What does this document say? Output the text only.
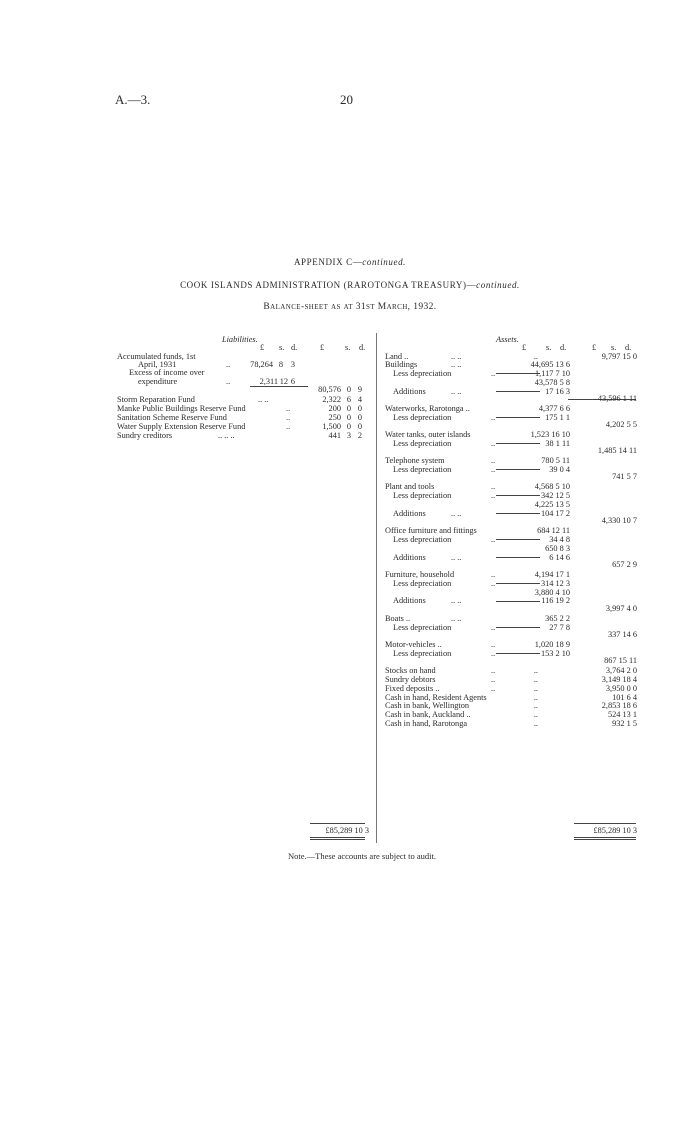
A.—3.	20
APPENDIX C—continued.
COOK ISLANDS ADMINISTRATION (RAROTONGA TREASURY)—continued.
Balance-sheet as at 31st March, 1932.
Liabilities.
£ s. d.	£	s. d.
Accumulated funds, 1st
April, 1931	.. 78,264 8 3
Excess of income over
expenditure	..	2,311 12 6
80,576 0 9
Storm Reparation Fund	.. ..	2,322 6 4
Manke Public Buildings Reserve Fund	..	200 0 0
Sanitation Scheme Reserve Fund	..	250 0 0
Water Supply Extension Reserve Fund	..	1,500 0 0
Sundry creditors	.. .. ..	441 3 2
£85,289 10 3
Assets.
£ s. d.	£ s. d.
Land ..	.. ..	..	9,797 15 0
Buildings	.. ..	44,695 13 6
Less depreciation	..	1,117 7 10
43,578 5 8
Additions	.. ..	17 16 3
43,596 1 11
Waterworks, Rarotonga ..	4,377 6 6
Less depreciation	..	175 1 1
4,202 5 5
Water tanks, outer islands	1,523 16 10
Less depreciation	..	38 1 11
1,485 14 11
Telephone system	..	780 5 11
Less depreciation	..	39 0 4
741 5 7
Plant and tools	..	4,568 5 10
Less depreciation	..	342 12 5
4,225 13 5
Additions	.. ..	104 17 2
4,330 10 7
Office furniture and fittings	684 12 11
Less depreciation	..	34 4 8
650 8 3
Additions	.. ..	6 14 6
657 2 9
Furniture, household	..	4,194 17 1
Less depreciation	..	314 12 3
3,880 4 10
Additions	.. ..	116 19 2
3,997 4 0
Boats ..	.. ..	365 2 2
Less depreciation	..	27 7 8
337 14 6
Motor-vehicles ..	..	1,020 18 9
Less depreciation	..	153 2 10
867 15 11
Stocks on hand	..	..	3,764 2 0
Sundry debtors	..	..	3,149 18 4
Fixed deposits ..	..	..	3,950 0 0
Cash in hand, Resident Agents	..	101 6 4
Cash in bank, Wellington	..	2,853 18 6
Cash in bank, Auckland ..	..	524 13 1
Cash in hand, Rarotonga	..	932 1 5
£85,289 10 3
Note.—These accounts are subject to audit.
